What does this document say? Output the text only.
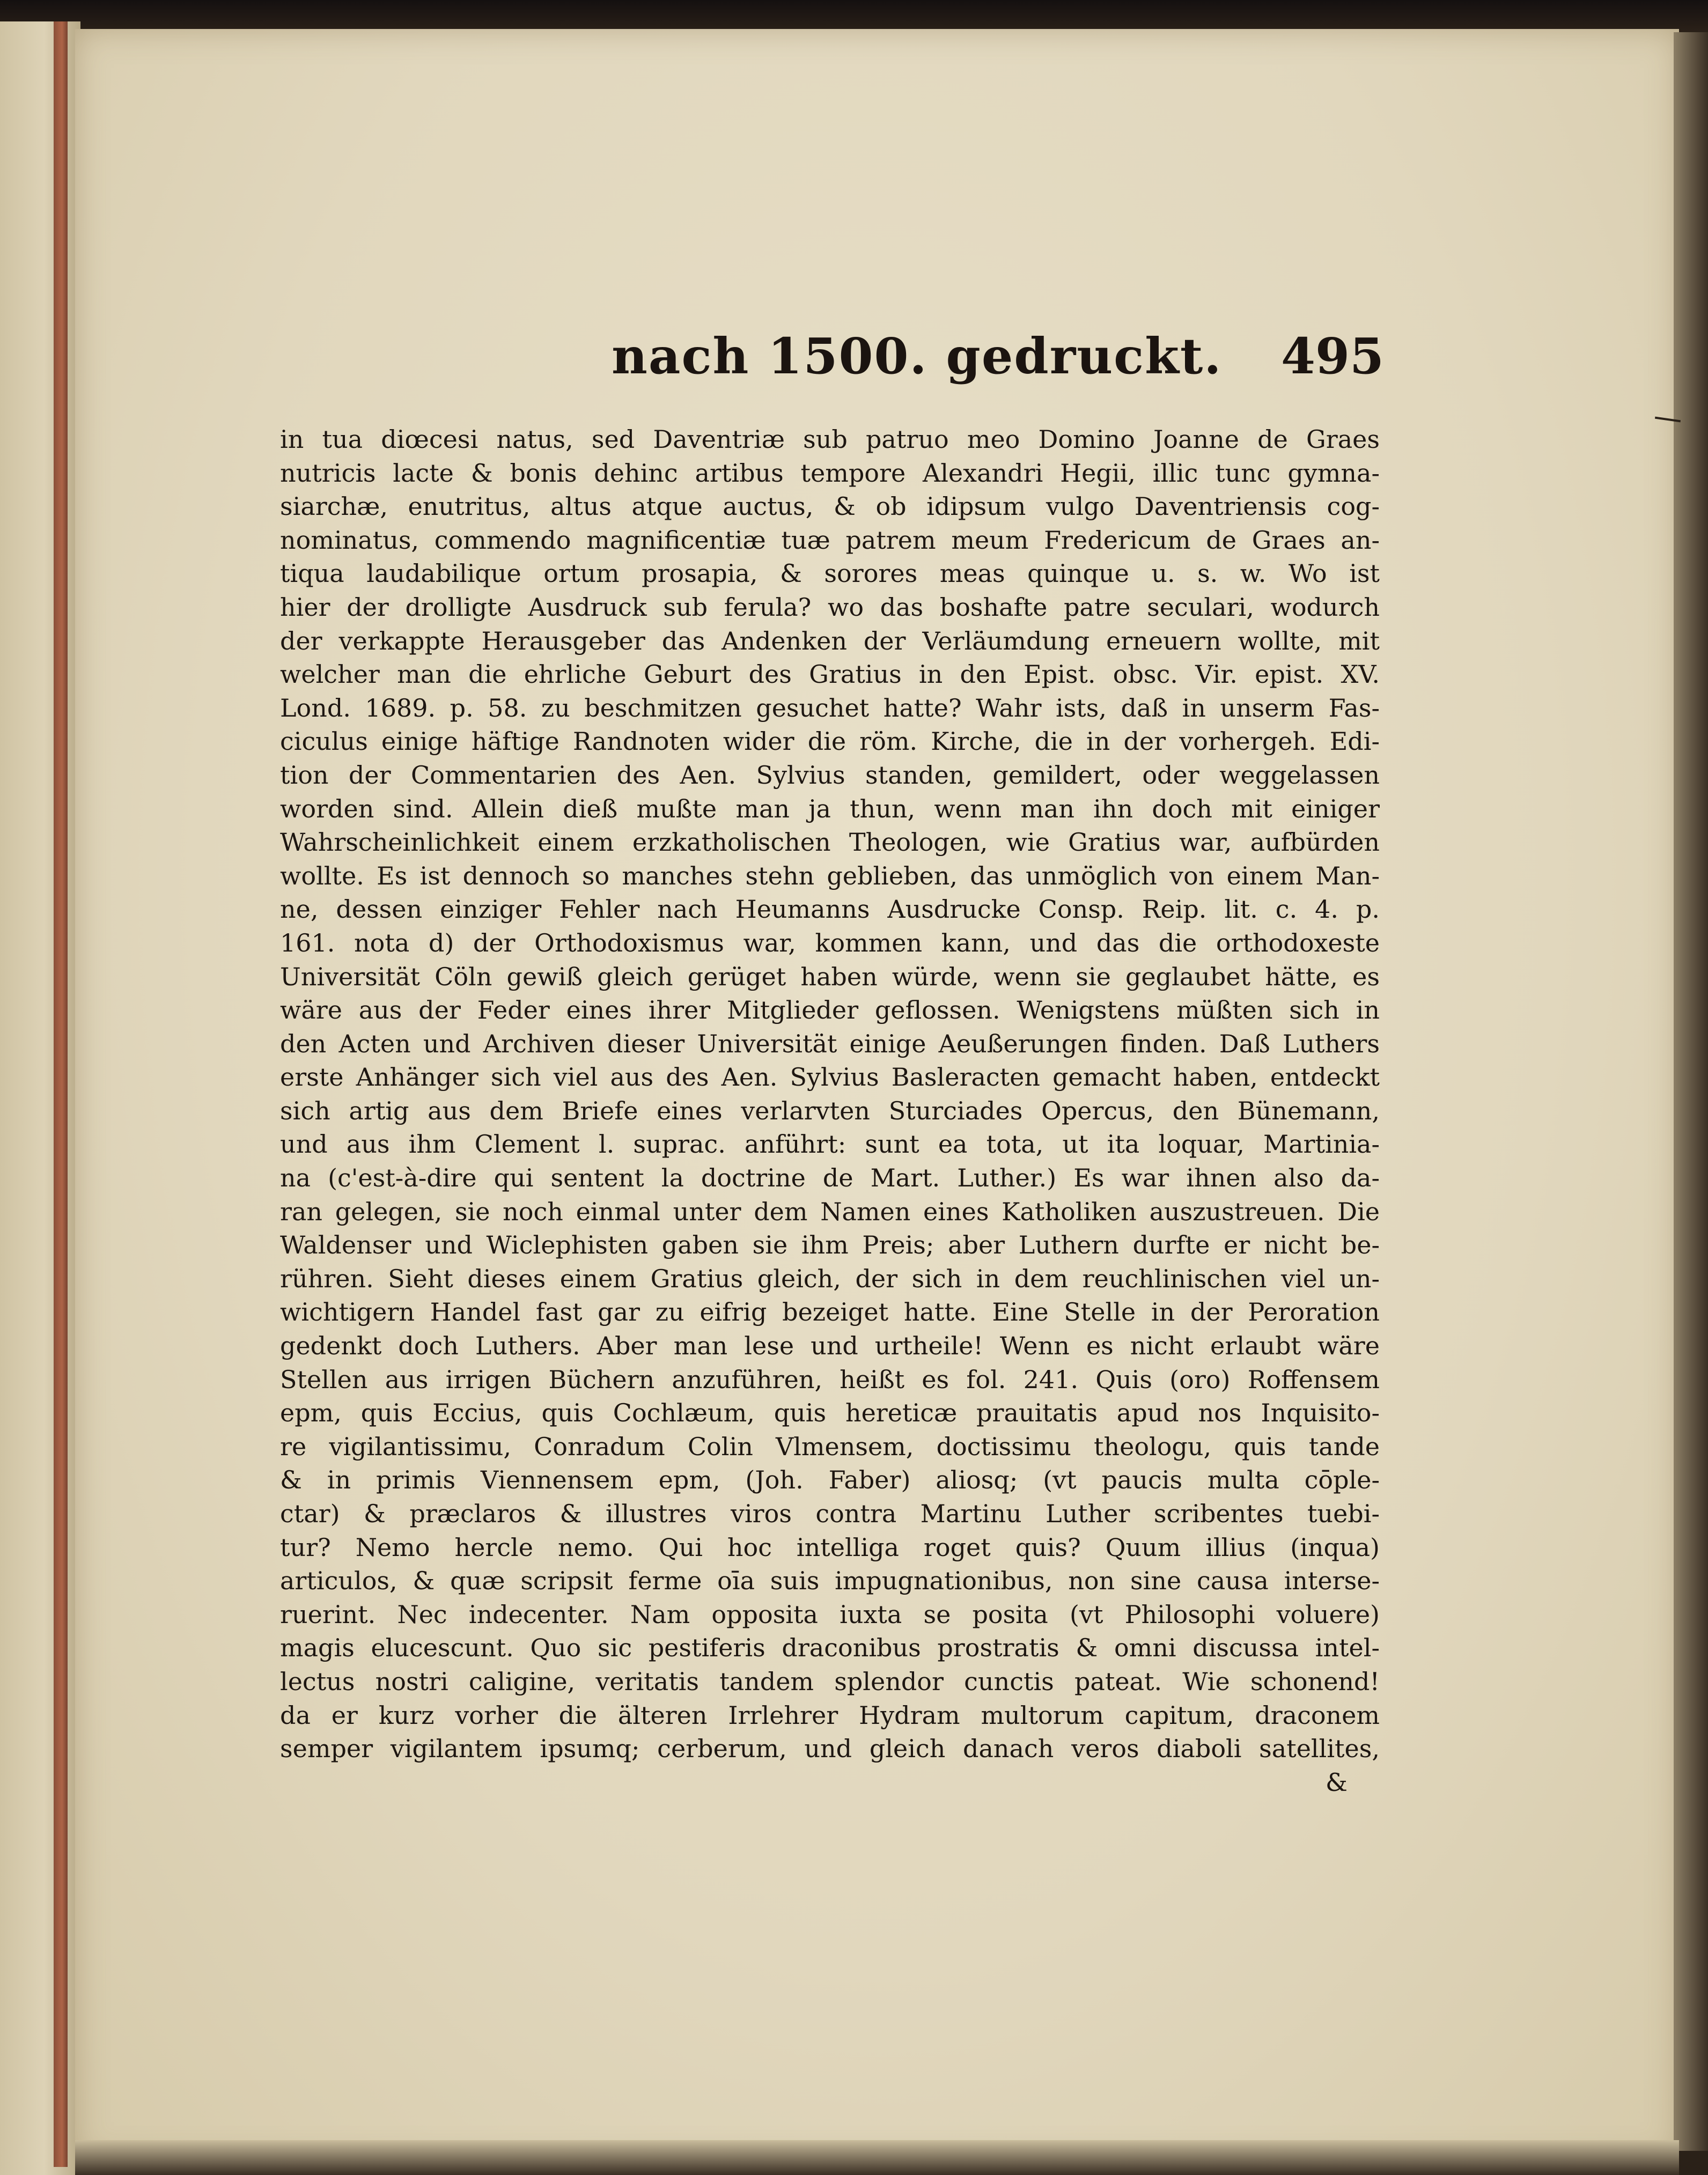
nach 1500. gedruckt. 495
in tua diœcesi natus, sed Daventriæ sub patruo meo Domino Joanne de Graes
nutricis lacte & bonis dehinc artibus tempore Alexandri Hegii, illic tunc gymna-
siarchæ, enutritus, altus atque auctus, & ob idipsum vulgo Daventriensis cog-
nominatus, commendo magnificentiæ tuæ patrem meum Fredericum de Graes an-
tiqua laudabilique ortum prosapia, & sorores meas quinque u. s. w. Wo ist
hier der drolligte Ausdruck sub ferula? wo das boshafte patre seculari, wodurch
der verkappte Herausgeber das Andenken der Verläumdung erneuern wollte, mit
welcher man die ehrliche Geburt des Gratius in den Epist. obsc. Vir. epist. XV.
Lond. 1689. p. 58. zu beschmitzen gesuchet hatte? Wahr ists, daß in unserm Fas-
ciculus einige häftige Randnoten wider die röm. Kirche, die in der vorhergeh. Edi-
tion der Commentarien des Aen. Sylvius standen, gemildert, oder weggelassen
worden sind. Allein dieß mußte man ja thun, wenn man ihn doch mit einiger
Wahrscheinlichkeit einem erzkatholischen Theologen, wie Gratius war, aufbürden
wollte. Es ist dennoch so manches stehn geblieben, das unmöglich von einem Man-
ne, dessen einziger Fehler nach Heumanns Ausdrucke Consp. Reip. lit. c. 4. p.
161. nota d) der Orthodoxismus war, kommen kann, und das die orthodoxeste
Universität Cöln gewiß gleich gerüget haben würde, wenn sie geglaubet hätte, es
wäre aus der Feder eines ihrer Mitglieder geflossen. Wenigstens müßten sich in
den Acten und Archiven dieser Universität einige Aeußerungen finden. Daß Luthers
erste Anhänger sich viel aus des Aen. Sylvius Basleracten gemacht haben, entdeckt
sich artig aus dem Briefe eines verlarvten Sturciades Opercus, den Bünemann,
und aus ihm Clement l. suprac. anführt: sunt ea tota, ut ita loquar, Martinia-
na (c'est-à-dire qui sentent la doctrine de Mart. Luther.) Es war ihnen also da-
ran gelegen, sie noch einmal unter dem Namen eines Katholiken auszustreuen. Die
Waldenser und Wiclephisten gaben sie ihm Preis; aber Luthern durfte er nicht be-
rühren. Sieht dieses einem Gratius gleich, der sich in dem reuchlinischen viel un-
wichtigern Handel fast gar zu eifrig bezeiget hatte. Eine Stelle in der Peroration
gedenkt doch Luthers. Aber man lese und urtheile! Wenn es nicht erlaubt wäre
Stellen aus irrigen Büchern anzuführen, heißt es fol. 241. Quis (oro) Roffensem
epm, quis Eccius, quis Cochlæum, quis hereticæ prauitatis apud nos Inquisito-
re vigilantissimu, Conradum Colin Vlmensem, doctissimu theologu, quis tande
& in primis Viennensem epm, (Joh. Faber) aliosq; (vt paucis multa cōple-
ctar) & præclaros & illustres viros contra Martinu Luther scribentes tuebi-
tur? Nemo hercle nemo. Qui hoc intelliga roget quis? Quum illius (inqua)
articulos, & quæ scripsit ferme oīa suis impugnationibus, non sine causa interse-
ruerint. Nec indecenter. Nam opposita iuxta se posita (vt Philosophi voluere)
magis elucescunt. Quo sic pestiferis draconibus prostratis & omni discussa intel-
lectus nostri caligine, veritatis tandem splendor cunctis pateat. Wie schonend!
da er kurz vorher die älteren Irrlehrer Hydram multorum capitum, draconem
semper vigilantem ipsumq; cerberum, und gleich danach veros diaboli satellites,
&
